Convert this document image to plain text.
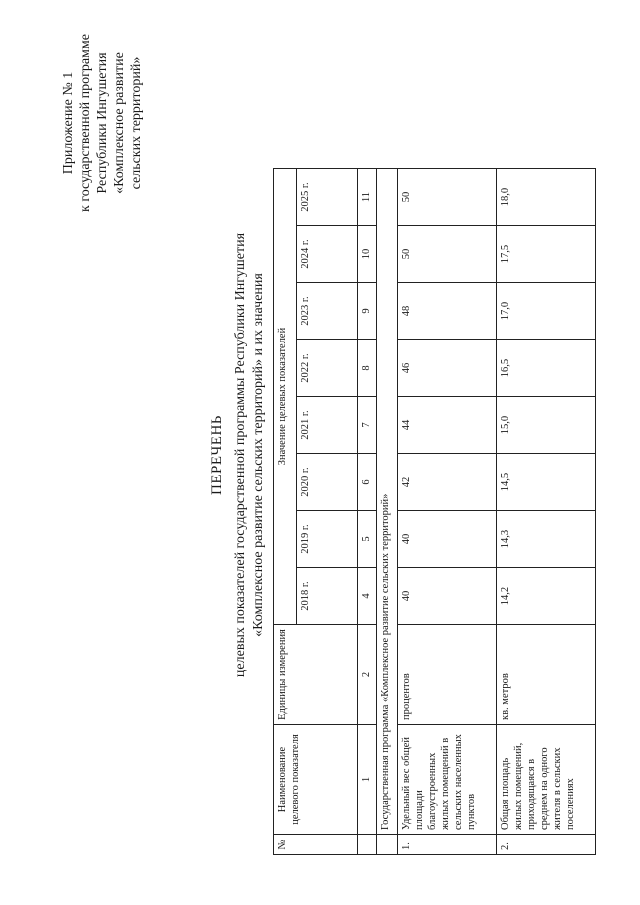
Приложение № 1 к государственной программе Республики Ингушетия «Комплексное развитие сельских территорий»
ПЕРЕЧЕНЬ целевых показателей государственной программы Республики Ингушетия «Комплексное развитие сельских территорий» и их значения
№	Наименование целевого показателя	Единицы измерения	Значение целевых показателей							
			2018 г.	2019 г.	2020 г.	2021 г.	2022 г.	2023 г.	2024 г.	2025 г.
	1	2	4	5	6	7	8	9	10	11
	Государственная программа «Комплексное развитие сельских территорий»									
1.	Удельный вес общей площади благоустроенных жилых помещений в сельских населенных пунктов	процентов	40	40	42	44	46	48	50	50
2.	Общая площадь жилых помещений, приходящаяся в среднем на одного жителя в сельских поселениях	кв. метров	14,2	14,3	14,5	15,0	16,5	17,0	17,5	18,0
